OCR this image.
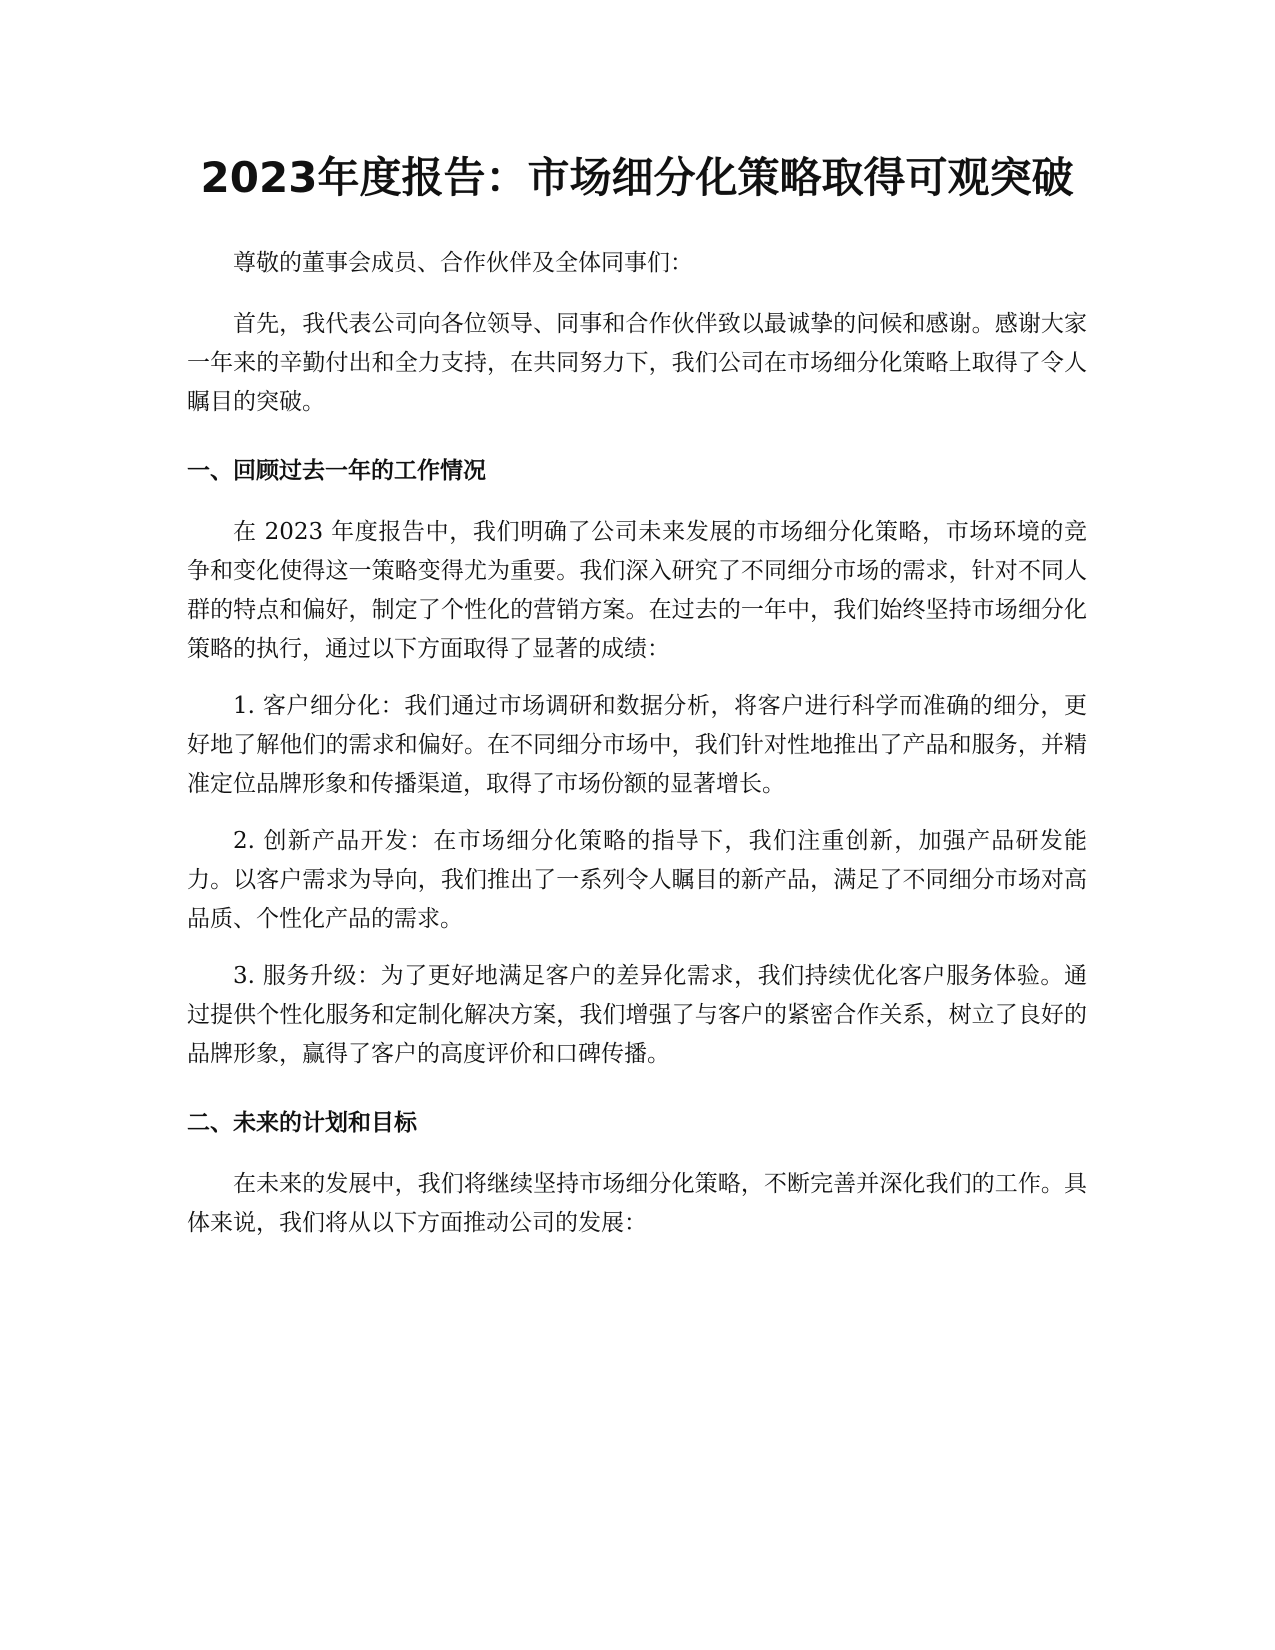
2023年度报告：市场细分化策略取得可观突破

尊敬的董事会成员、合作伙伴及全体同事们：

首先，我代表公司向各位领导、同事和合作伙伴致以最诚挚的问候和感谢。感谢大家一年来的辛勤付出和全力支持，在共同努力下，我们公司在市场细分化策略上取得了令人瞩目的突破。

一、回顾过去一年的工作情况

在 2023 年度报告中，我们明确了公司未来发展的市场细分化策略，市场环境的竞争和变化使得这一策略变得尤为重要。我们深入研究了不同细分市场的需求，针对不同人群的特点和偏好，制定了个性化的营销方案。在过去的一年中，我们始终坚持市场细分化策略的执行，通过以下方面取得了显著的成绩：

1. 客户细分化：我们通过市场调研和数据分析，将客户进行科学而准确的细分，更好地了解他们的需求和偏好。在不同细分市场中，我们针对性地推出了产品和服务，并精准定位品牌形象和传播渠道，取得了市场份额的显著增长。

2. 创新产品开发：在市场细分化策略的指导下，我们注重创新，加强产品研发能力。以客户需求为导向，我们推出了一系列令人瞩目的新产品，满足了不同细分市场对高品质、个性化产品的需求。

3. 服务升级：为了更好地满足客户的差异化需求，我们持续优化客户服务体验。通过提供个性化服务和定制化解决方案，我们增强了与客户的紧密合作关系，树立了良好的品牌形象，赢得了客户的高度评价和口碑传播。

二、未来的计划和目标

在未来的发展中，我们将继续坚持市场细分化策略，不断完善并深化我们的工作。具体来说，我们将从以下方面推动公司的发展：
